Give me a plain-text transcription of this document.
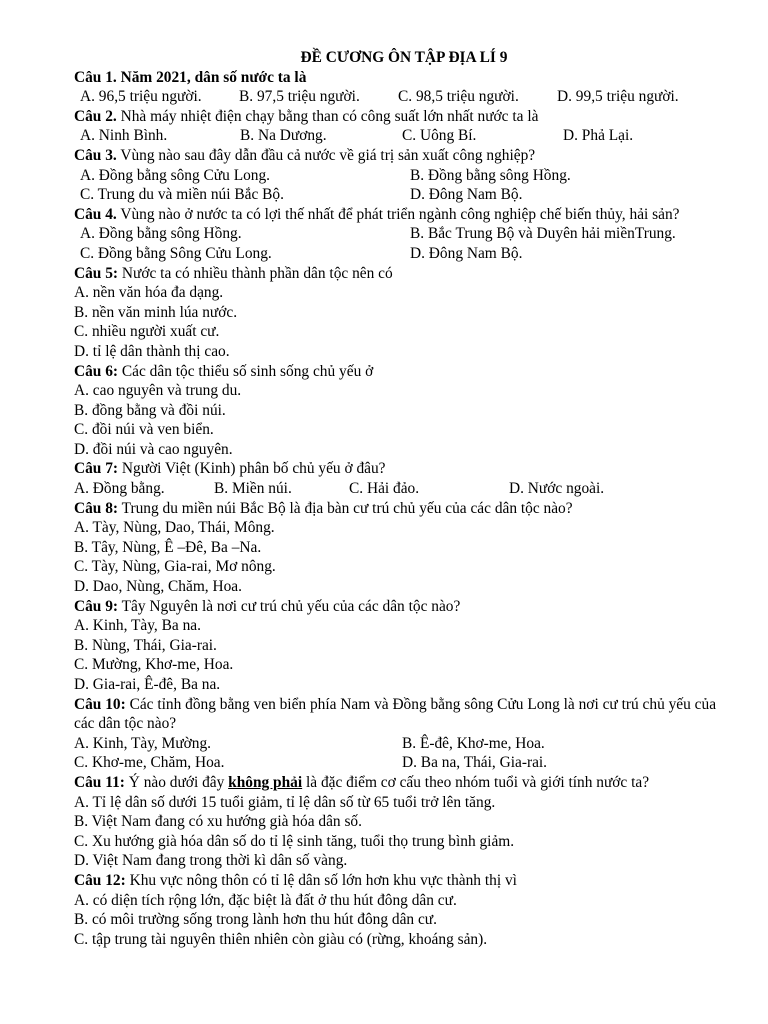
ĐỀ CƯƠNG ÔN TẬP ĐỊA LÍ 9
Câu 1. Năm 2021, dân số nước ta là
A. 96,5 triệu người.	B. 97,5 triệu người.	C. 98,5 triệu người.	D. 99,5 triệu người.
Câu 2. Nhà máy nhiệt điện chạy bằng than có công suất lớn nhất nước ta là
A. Ninh Bình.	B. Na Dương.	C. Uông Bí.	D. Phả Lại.
Câu 3. Vùng nào sau đây dẫn đầu cả nước về giá trị sản xuất công nghiệp?
A. Đồng bằng sông Cửu Long.	B. Đồng bằng sông Hồng.
C. Trung du và miền núi Bắc Bộ.	D. Đông Nam Bộ.
Câu 4. Vùng nào ở nước ta có lợi thế nhất để phát triển ngành công nghiệp chế biến thủy, hải sản?
A. Đồng bằng sông Hồng.	B. Bắc Trung Bộ và Duyên hải miềnTrung.
C. Đồng bằng Sông Cửu Long.	D. Đông Nam Bộ.
Câu 5: Nước ta có nhiều thành phần dân tộc nên có
A. nền văn hóa đa dạng.
B. nền văn minh lúa nước.
C. nhiều người xuất cư.
D. tỉ lệ dân thành thị cao.
Câu 6: Các dân tộc thiểu số sinh sống chủ yếu ở
A. cao nguyên và trung du.
B. đồng bằng và đồi núi.
C. đồi núi và ven biển.
D. đồi núi và cao nguyên.
Câu 7: Người Việt (Kinh) phân bố chủ yếu ở đâu?
A. Đồng bằng.	B. Miền núi.	C. Hải đảo.	D. Nước ngoài.
Câu 8: Trung du miền núi Bắc Bộ là địa bàn cư trú chủ yếu của các dân tộc nào?
A. Tày, Nùng, Dao, Thái, Mông.
B. Tây, Nùng, Ê –Đê, Ba –Na.
C. Tày, Nùng, Gia-rai, Mơ nông.
D. Dao, Nùng, Chăm, Hoa.
Câu 9: Tây Nguyên là nơi cư trú chủ yếu của các dân tộc nào?
A. Kinh, Tày, Ba na.
B. Nùng, Thái, Gia-rai.
C. Mường, Khơ-me, Hoa.
D. Gia-rai, Ê-đê, Ba na.
Câu 10: Các tỉnh đồng bằng ven biển phía Nam và Đồng bằng sông Cửu Long là nơi cư trú chủ yếu của các dân tộc nào?
A. Kinh, Tày, Mường.	B. Ê-đê, Khơ-me, Hoa.
C. Khơ-me, Chăm, Hoa.	D. Ba na, Thái, Gia-rai.
Câu 11: Ý nào dưới đây không phải là đặc điểm cơ cấu theo nhóm tuổi và giới tính nước ta?
A. Tỉ lệ dân số dưới 15 tuổi giảm, tỉ lệ dân số từ 65 tuổi trở lên tăng.
B. Việt Nam đang có xu hướng già hóa dân số.
C. Xu hướng già hóa dân số do tỉ lệ sinh tăng, tuổi thọ trung bình giảm.
D. Việt Nam đang trong thời kì dân số vàng.
Câu 12: Khu vực nông thôn có tỉ lệ dân số lớn hơn khu vực thành thị vì
A. có diện tích rộng lớn, đặc biệt là đất ở thu hút đông dân cư.
B. có môi trường sống trong lành hơn thu hút đông dân cư.
C. tập trung tài nguyên thiên nhiên còn giàu có (rừng, khoáng sản).
